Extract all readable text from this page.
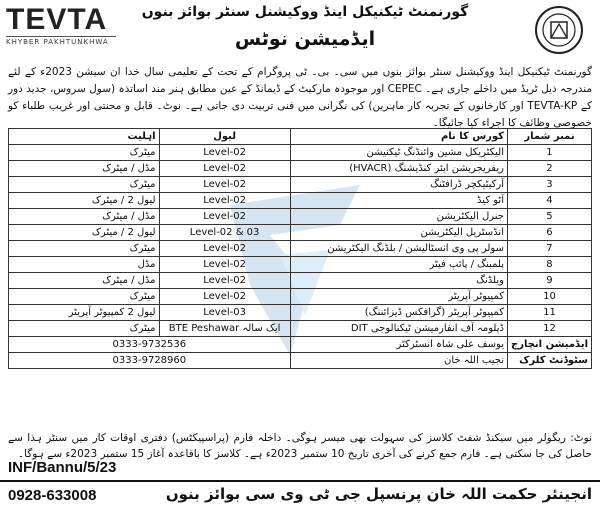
TEVTA
KHYBER PAKHTUNKHWA
گورنمنٹ ٹیکنیکل اینڈ ووکیشنل سنٹر بوائز بنوں
ایڈمیشن نوٹس
گورنمنٹ ٹیکنیکل اینڈ ووکیشنل سنٹر بوائز بنوں میں سی۔ بی۔ ٹی پروگرام کے تحت کے تعلیمی سال خدا ان سیشن 2023ء کے لئے مندرجہ ذیل ٹریڈ میں داخلے جاری ہے۔ CEPEC اور موجودہ مارکیٹ کے ڈیمانڈ کے عین مطابق ہنر مند اساتذہ (سول سروس، جدید دور کے TEVTA-KP اور کارخانوں کے تجربہ کار ماہرین) کی نگرانی میں فنی تربیت دی جاتی ہے۔ نوٹ۔ قابل و محنتی اور غریب طلباء کو خصوصی وظائف کا اجراء کیا جائیگا۔
اہلیت	لیول	کورس کا نام	نمبر شمار
میٹرک	Level-02	الیکٹریکل مشین وائنڈنگ ٹیکنیشن	1
مڈل / میٹرک	Level-02	ریفریجریشن ایئر کنڈیشنگ (HVACR)	2
میٹرک	Level-02	آرکیٹیکچر ڈرافٹنگ	3
لیول 2 / میٹرک	Level-02	آٹو کیڈ	4
مڈل / میٹرک	Level-02	جنرل الیکٹریشن	5
لیول 2 / میٹرک	Level-02 & 03	انڈسٹریل الیکٹریشن	6
میٹرک	Level-02	سولر پی وی انسٹالیشن / بلڈنگ الیکٹریشن	7
مڈل	Level-02	پلمبنگ / پائپ فیٹر	8
مڈل / میٹرک	Level-02	ویلڈنگ	9
میٹرک	Level-02	کمپیوٹر آپریٹر	10
لیول 2 کمپیوٹر آپریٹر	Level-03	کمپیوٹر آپریٹر (گرافکس ڈیزائننگ)	11
میٹرک	BTE Peshawar ایک سالہ	ڈپلومہ آف انفارمیشن ٹیکنالوجی DIT	12
0333-9732536		یوسف علی شاہ انسٹرکٹر	ایڈمیشن انچارج
0333-9728960		نجیب اللہ خان	سٹوڈنٹ کلرک
نوٹ: ریگولر میں سیکنڈ شفٹ کلاسز کی سہولت بھی میسر ہوگی۔ داخلہ فارم (پراسپیکٹس) دفتری اوقات کار میں سنٹر ہذا سے حاصل کی جا سکتی ہے۔ فارم جمع کرنے کی آخری تاریخ 10 ستمبر 2023ء ہے۔ کلاسز کا باقاعدہ آغاز 15 ستمبر 2023ء سے ہوگا۔
INF/Bannu/5/23
0928-633008	انجینئر حکمت اللہ خان پرنسپل جی ٹی وی سی بوائز بنوں
